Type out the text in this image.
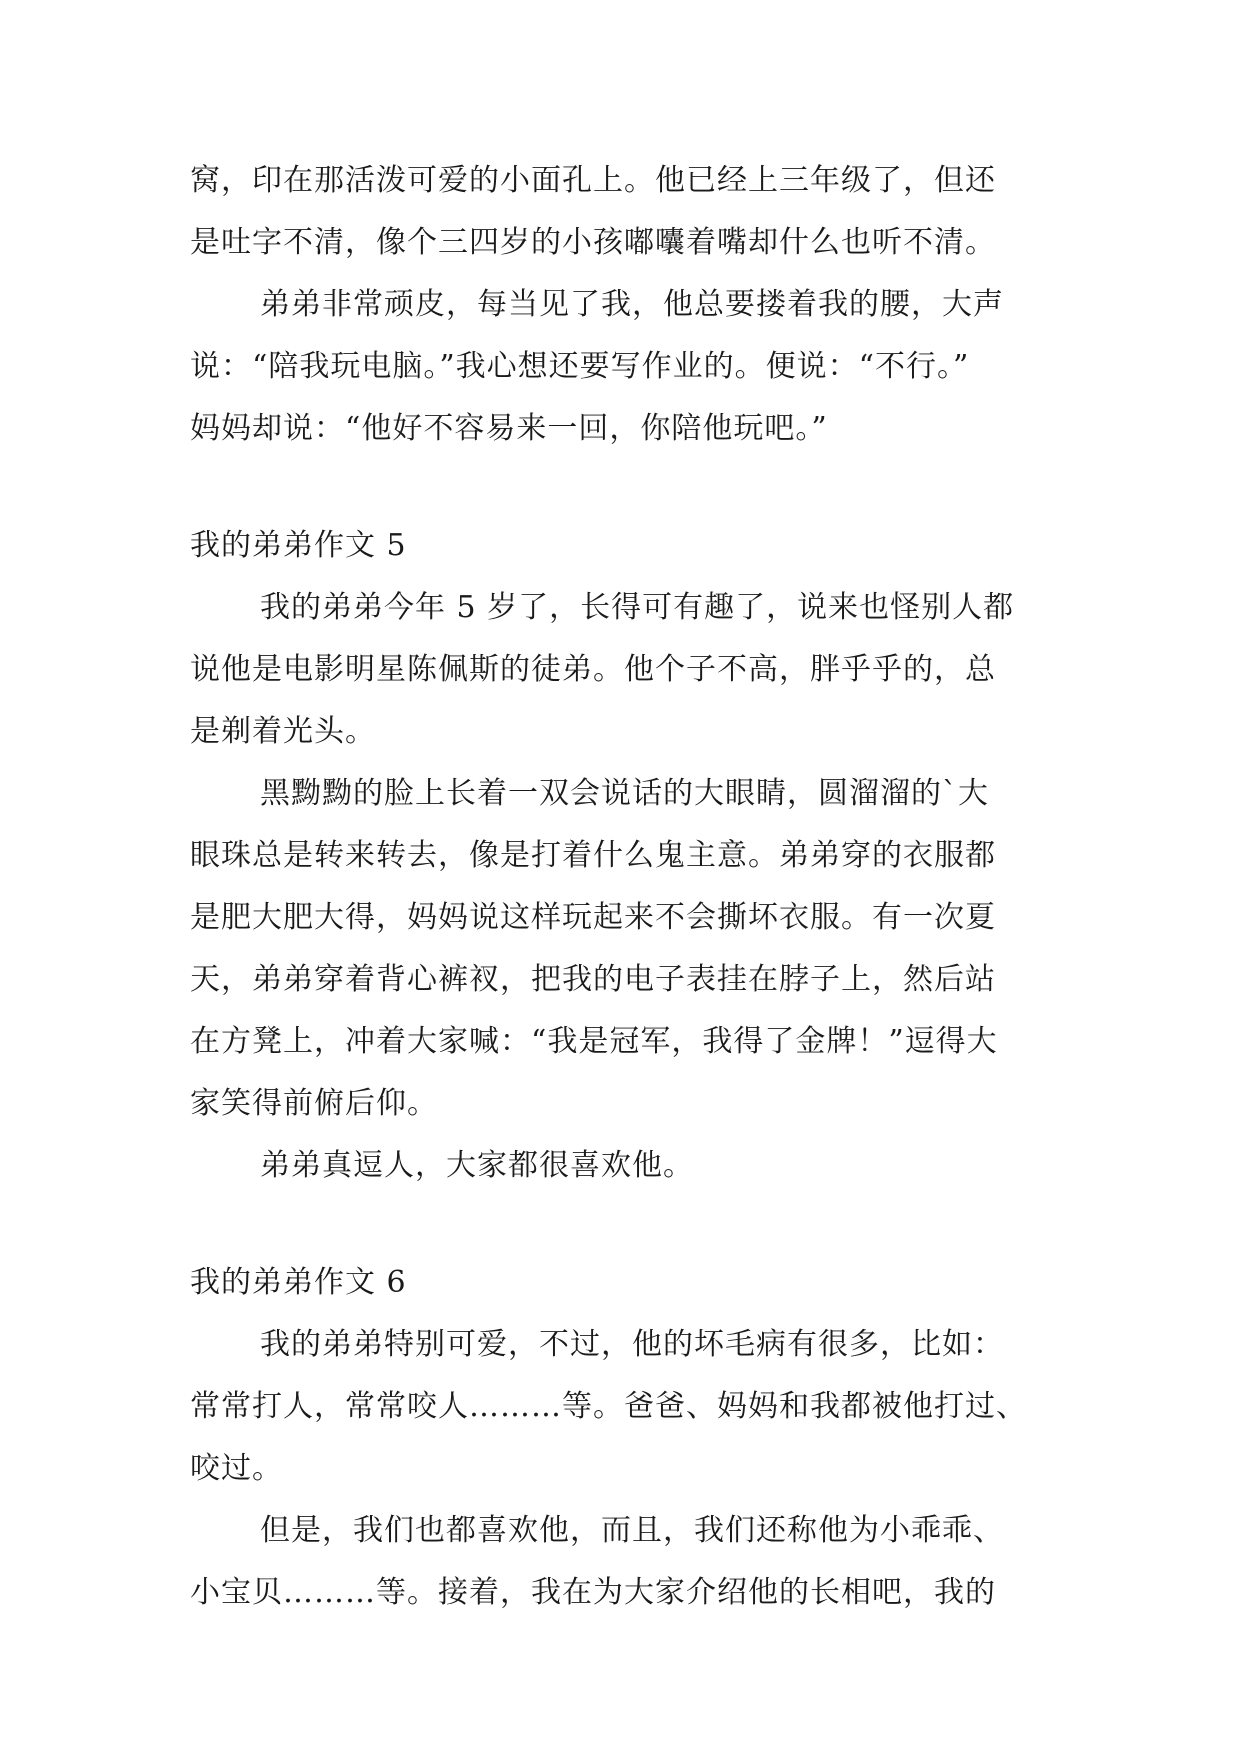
窝，印在那活泼可爱的小面孔上。他已经上三年级了，但还
是吐字不清，像个三四岁的小孩嘟囔着嘴却什么也听不清。
弟弟非常顽皮，每当见了我，他总要搂着我的腰，大声
说：“陪我玩电脑。”我心想还要写作业的。便说：“不行。”
妈妈却说：“他好不容易来一回，你陪他玩吧。”
我的弟弟作文 5
我的弟弟今年 5 岁了，长得可有趣了，说来也怪别人都
说他是电影明星陈佩斯的徒弟。他个子不高，胖乎乎的，总
是剃着光头。
黑黝黝的脸上长着一双会说话的大眼睛，圆溜溜的`大
眼珠总是转来转去，像是打着什么鬼主意。弟弟穿的衣服都
是肥大肥大得，妈妈说这样玩起来不会撕坏衣服。有一次夏
天，弟弟穿着背心裤衩，把我的电子表挂在脖子上，然后站
在方凳上，冲着大家喊：“我是冠军，我得了金牌！”逗得大
家笑得前俯后仰。
弟弟真逗人，大家都很喜欢他。
我的弟弟作文 6
我的弟弟特别可爱，不过，他的坏毛病有很多，比如：
常常打人，常常咬人………等。爸爸、妈妈和我都被他打过、
咬过。
但是，我们也都喜欢他，而且，我们还称他为小乖乖、
小宝贝………等。接着，我在为大家介绍他的长相吧，我的
